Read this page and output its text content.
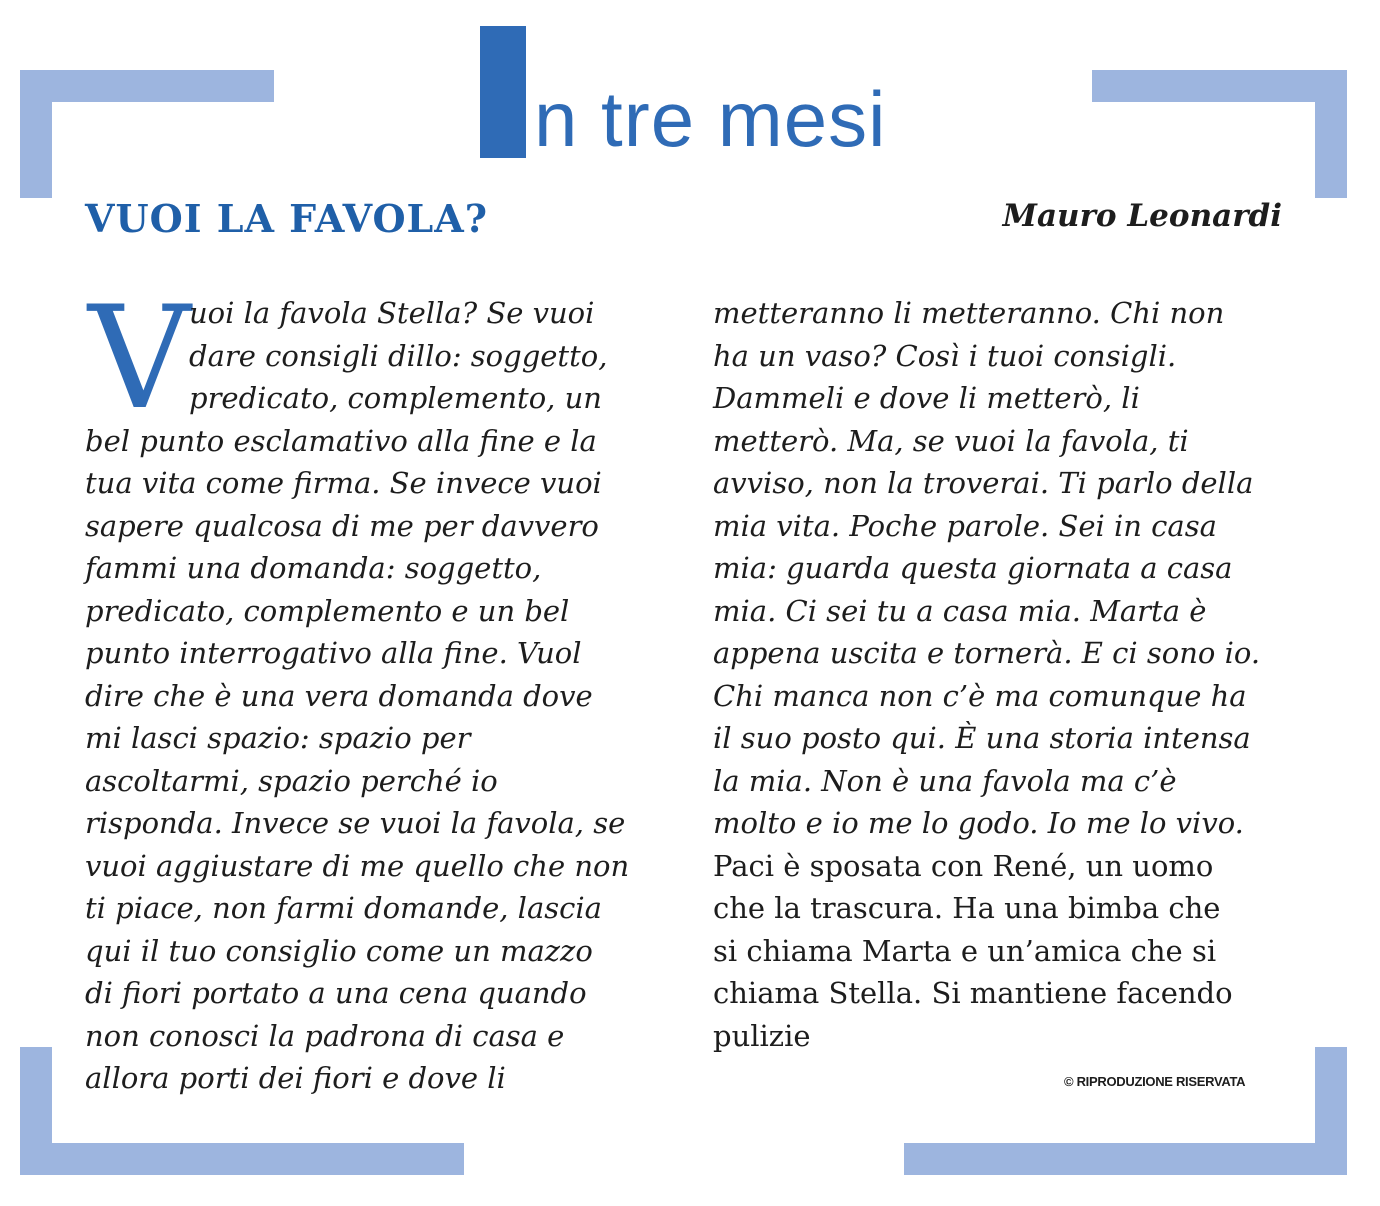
n tre mesi
VUOI LA FAVOLA?	Mauro Leonardi
V
uoi la favola Stella? Se vuoi
dare consigli dillo: soggetto,
predicato, complemento, un
bel punto esclamativo alla fine e la
tua vita come firma. Se invece vuoi
sapere qualcosa di me per davvero
fammi una domanda: soggetto,
predicato, complemento e un bel
punto interrogativo alla fine. Vuol
dire che è una vera domanda dove
mi lasci spazio: spazio per
ascoltarmi, spazio perché io
risponda. Invece se vuoi la favola, se
vuoi aggiustare di me quello che non
ti piace, non farmi domande, lascia
qui il tuo consiglio come un mazzo
di fiori portato a una cena quando
non conosci la padrona di casa e
allora porti dei fiori e dove li
metteranno li metteranno. Chi non
ha un vaso? Così i tuoi consigli.
Dammeli e dove li metterò, li
metterò. Ma, se vuoi la favola, ti
avviso, non la troverai. Ti parlo della
mia vita. Poche parole. Sei in casa
mia: guarda questa giornata a casa
mia. Ci sei tu a casa mia. Marta è
appena uscita e tornerà. E ci sono io.
Chi manca non c’è ma comunque ha
il suo posto qui. È una storia intensa
la mia. Non è una favola ma c’è
molto e io me lo godo. Io me lo vivo.
Paci è sposata con René, un uomo
che la trascura. Ha una bimba che
si chiama Marta e un’amica che si
chiama Stella. Si mantiene facendo
pulizie
© RIPRODUZIONE RISERVATA
